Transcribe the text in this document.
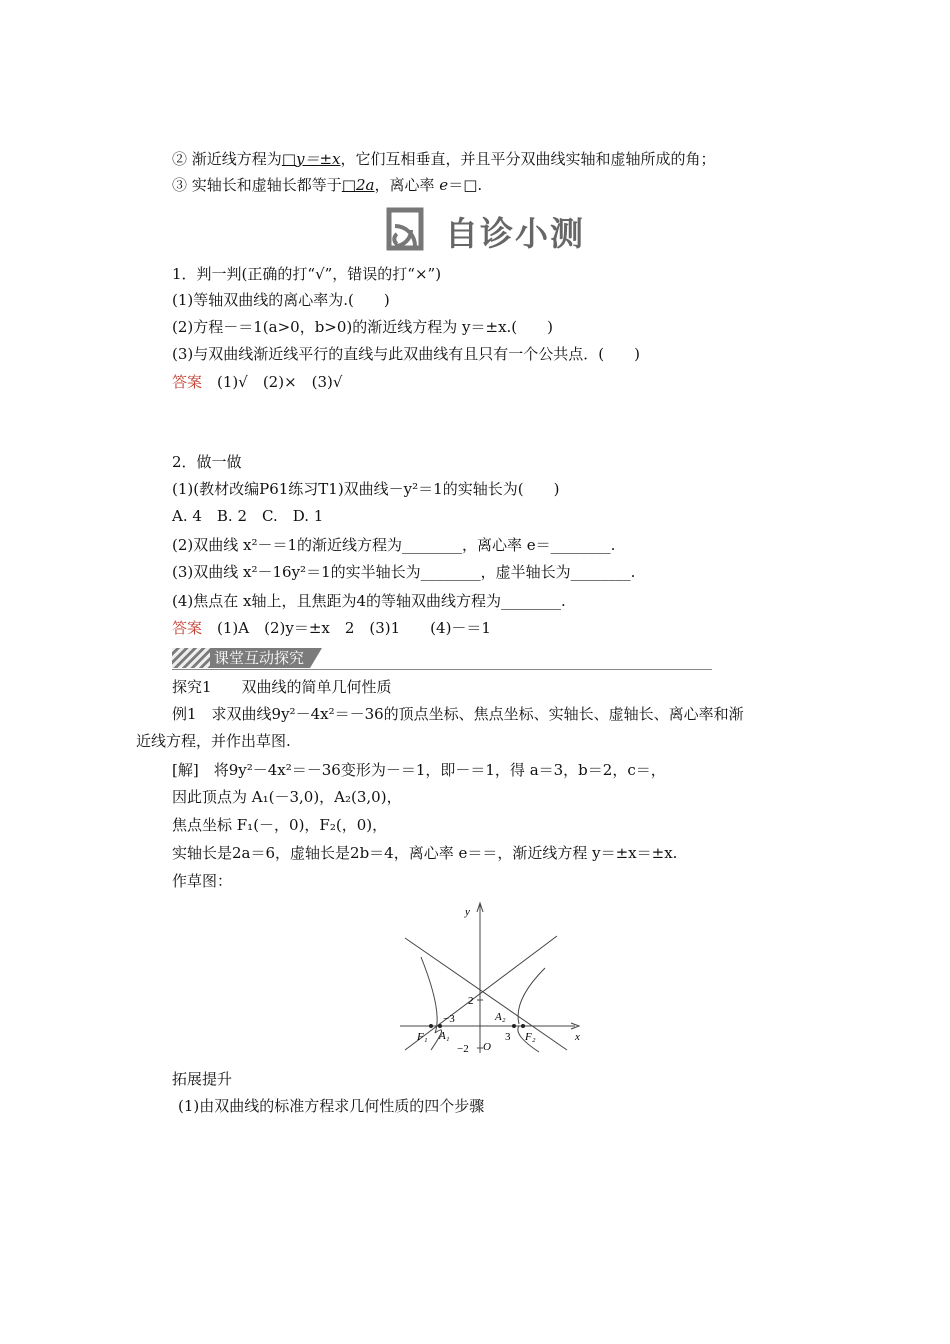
② 渐近线方程为□y＝±x，它们互相垂直，并且平分双曲线实轴和虚轴所成的角；
③ 实轴长和虚轴长都等于□2a，离心率 e＝□.
自诊小测
1．判一判(正确的打“√”，错误的打“×”)
(1)等轴双曲线的离心率为.(　　)
(2)方程－＝1(a>0，b>0)的渐近线方程为 y＝±x.(　　)
(3)与双曲线渐近线平行的直线与此双曲线有且只有一个公共点．(　　)
答案　(1)√　(2)×　(3)√
2．做一做
(1)(教材改编P61练习T1)双曲线－y²＝1的实轴长为(　　)
A. 4　B. 2　C.　D. 1
(2)双曲线 x²－＝1的渐近线方程为________，离心率 e＝________.
(3)双曲线 x²－16y²＝1的实半轴长为________，虚半轴长为________.
(4)焦点在 x轴上，且焦距为4的等轴双曲线方程为________.
答案　(1)A　(2)y＝±x　2　(3)1　　(4)－＝1
课堂互动探究
探究1　　双曲线的简单几何性质
例1　求双曲线9y²－4x²＝－36的顶点坐标、焦点坐标、实轴长、虚轴长、离心率和渐
近线方程，并作出草图.
[解]　将9y²－4x²＝－36变形为－＝1，即－＝1，得 a＝3，b＝2，c＝，
因此顶点为 A₁(－3,0)，A₂(3,0)，
焦点坐标 F₁(－，0)，F₂(，0)，
实轴长是2a＝6，虚轴长是2b＝4，离心率 e＝＝，渐近线方程 y＝±x＝±x.
作草图：
y
x
2
−2 O
−3
3
F₁	F₂
A₁
A₂
拓展提升
(1)由双曲线的标准方程求几何性质的四个步骤
